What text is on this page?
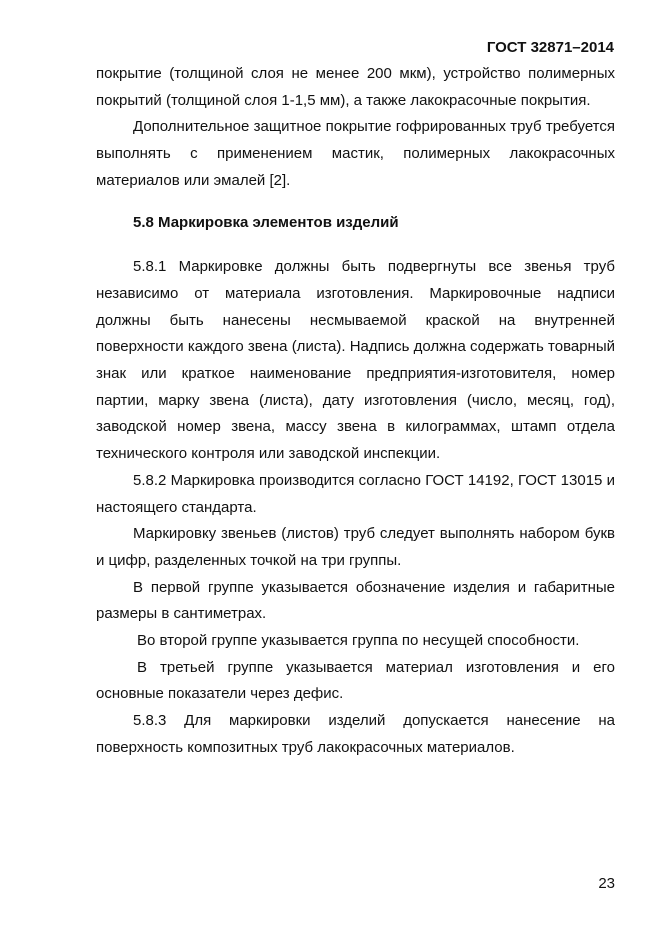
ГОСТ 32871–2014

покрытие (толщиной слоя не менее 200 мкм), устройство полимерных покрытий (толщиной слоя 1-1,5 мм), а также лакокрасочные покрытия.

Дополнительное защитное покрытие гофрированных труб требуется выполнять с применением мастик, полимерных лакокрасочных материалов или эмалей [2].

5.8 Маркировка элементов изделий

5.8.1 Маркировке должны быть подвергнуты все звенья труб независимо от материала изготовления. Маркировочные надписи должны быть нанесены несмываемой краской на внутренней поверхности каждого звена (листа). Надпись должна содержать товарный знак или краткое наименование предприятия-изготовителя, номер партии, марку звена (листа), дату изготовления (число, месяц, год), заводской номер звена, массу звена в килограммах, штамп отдела технического контроля или заводской инспекции.

5.8.2 Маркировка производится согласно ГОСТ 14192, ГОСТ 13015 и настоящего стандарта.

Маркировку звеньев (листов) труб следует выполнять набором букв и цифр, разделенных точкой на три группы.

В первой группе указывается обозначение изделия и габаритные размеры в сантиметрах.

Во второй группе указывается группа по несущей способности.

В третьей группе указывается материал изготовления и его основные показатели через дефис.

5.8.3 Для маркировки изделий допускается нанесение на поверхность композитных труб лакокрасочных материалов.

23
